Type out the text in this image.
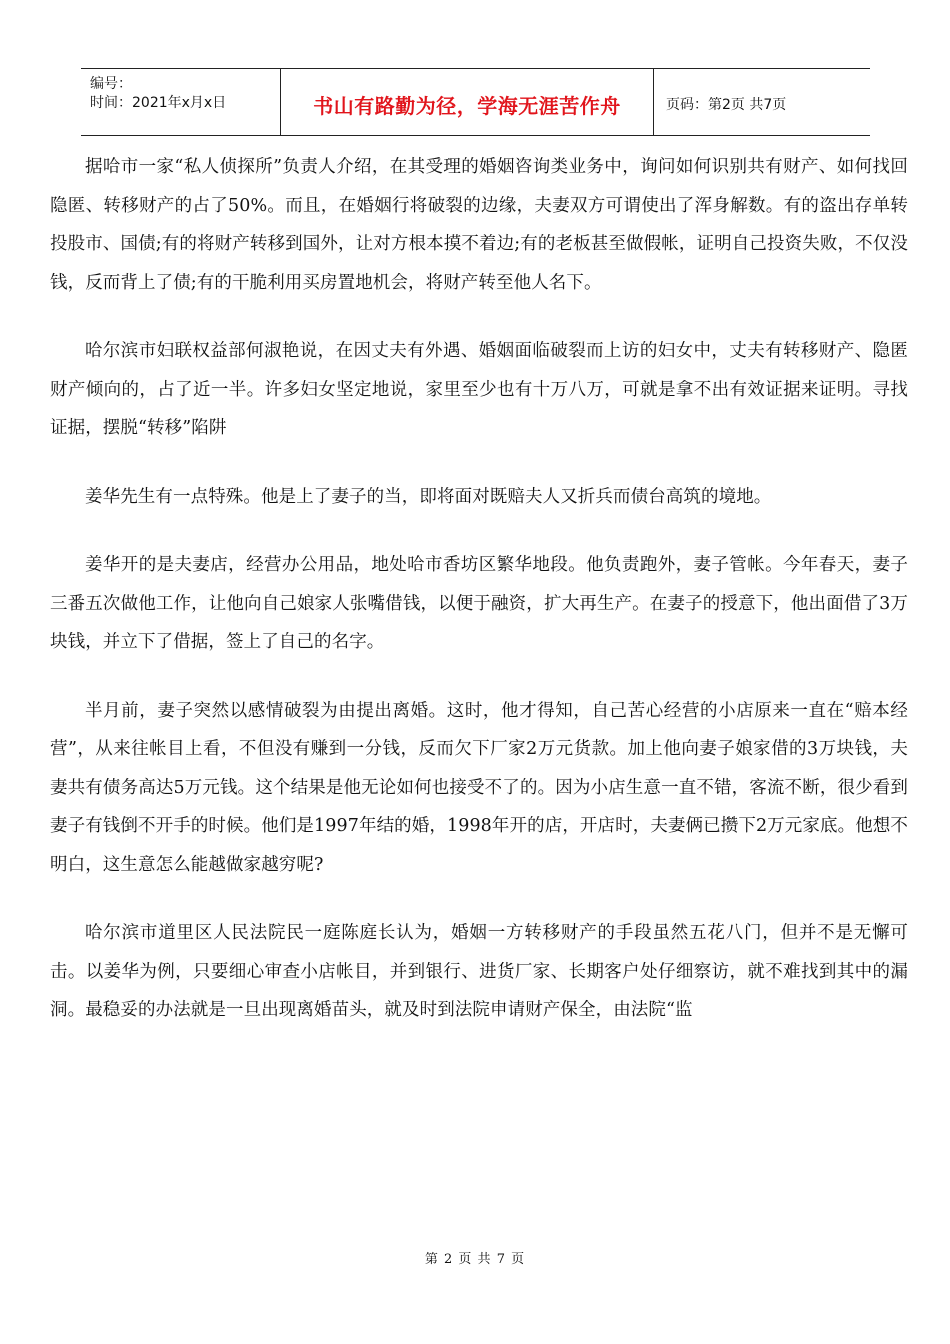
编号：
时间：2021年x月x日	书山有路勤为径，学海无涯苦作舟	页码：第2页 共7页

据哈市一家“私人侦探所”负责人介绍，在其受理的婚姻咨询类业务中，询问如何识别共有财产、如何找回隐匿、转移财产的占了50%。而且，在婚姻行将破裂的边缘，夫妻双方可谓使出了浑身解数。有的盗出存单转投股市、国债;有的将财产转移到国外，让对方根本摸不着边;有的老板甚至做假帐，证明自己投资失败，不仅没钱，反而背上了债;有的干脆利用买房置地机会，将财产转至他人名下。

哈尔滨市妇联权益部何淑艳说，在因丈夫有外遇、婚姻面临破裂而上访的妇女中，丈夫有转移财产、隐匿财产倾向的，占了近一半。许多妇女坚定地说，家里至少也有十万八万，可就是拿不出有效证据来证明。寻找证据，摆脱“转移”陷阱

姜华先生有一点特殊。他是上了妻子的当，即将面对既赔夫人又折兵而债台高筑的境地。

姜华开的是夫妻店，经营办公用品，地处哈市香坊区繁华地段。他负责跑外，妻子管帐。今年春天，妻子三番五次做他工作，让他向自己娘家人张嘴借钱，以便于融资，扩大再生产。在妻子的授意下，他出面借了3万块钱，并立下了借据，签上了自己的名字。

半月前，妻子突然以感情破裂为由提出离婚。这时，他才得知，自己苦心经营的小店原来一直在“赔本经营”，从来往帐目上看，不但没有赚到一分钱，反而欠下厂家2万元货款。加上他向妻子娘家借的3万块钱，夫妻共有债务高达5万元钱。这个结果是他无论如何也接受不了的。因为小店生意一直不错，客流不断，很少看到妻子有钱倒不开手的时候。他们是1997年结的婚，1998年开的店，开店时，夫妻俩已攒下2万元家底。他想不明白，这生意怎么能越做家越穷呢?

哈尔滨市道里区人民法院民一庭陈庭长认为，婚姻一方转移财产的手段虽然五花八门，但并不是无懈可击。以姜华为例，只要细心审查小店帐目，并到银行、进货厂家、长期客户处仔细察访，就不难找到其中的漏洞。最稳妥的办法就是一旦出现离婚苗头，就及时到法院申请财产保全，由法院“监

第 2 页 共 7 页
